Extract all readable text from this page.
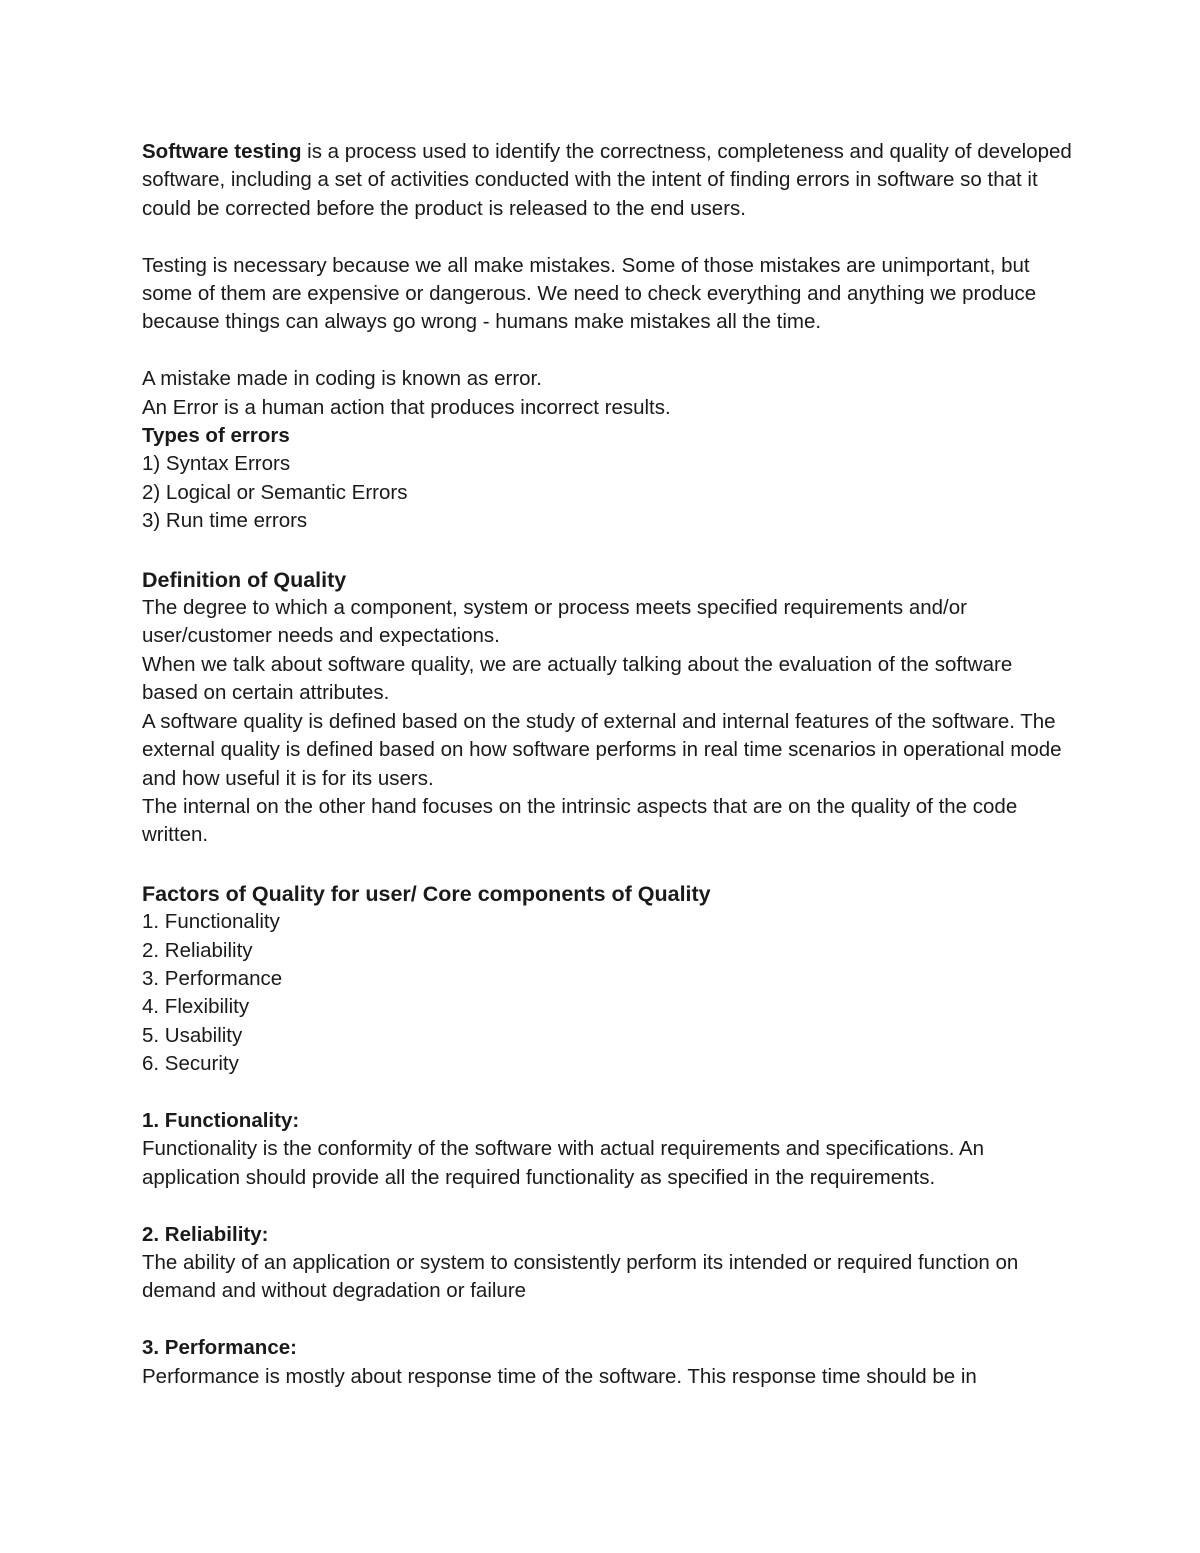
Software testing is a process used to identify the correctness, completeness and quality of developed software, including a set of activities conducted with the intent of finding errors in software so that it could be corrected before the product is released to the end users.

Testing is necessary because we all make mistakes. Some of those mistakes are unimportant, but some of them are expensive or dangerous. We need to check everything and anything we produce because things can always go wrong - humans make mistakes all the time.

A mistake made in coding is known as error.

An Error is a human action that produces incorrect results.

Types of errors

1) Syntax Errors

2) Logical or Semantic Errors

3) Run time errors

Definition of Quality

The degree to which a component, system or process meets specified requirements and/or user/customer needs and expectations.

When we talk about software quality, we are actually talking about the evaluation of the software based on certain attributes.

A software quality is defined based on the study of external and internal features of the software. The external quality is defined based on how software performs in real time scenarios in operational mode and how useful it is for its users.

The internal on the other hand focuses on the intrinsic aspects that are on the quality of the code written.

Factors of Quality for user/ Core components of Quality

1. Functionality

2. Reliability

3. Performance

4. Flexibility

5. Usability

6. Security

1. Functionality:

Functionality is the conformity of the software with actual requirements and specifications. An application should provide all the required functionality as specified in the requirements.

2. Reliability:

The ability of an application or system to consistently perform its intended or required function on demand and without degradation or failure

3. Performance:

Performance is mostly about response time of the software. This response time should be in
